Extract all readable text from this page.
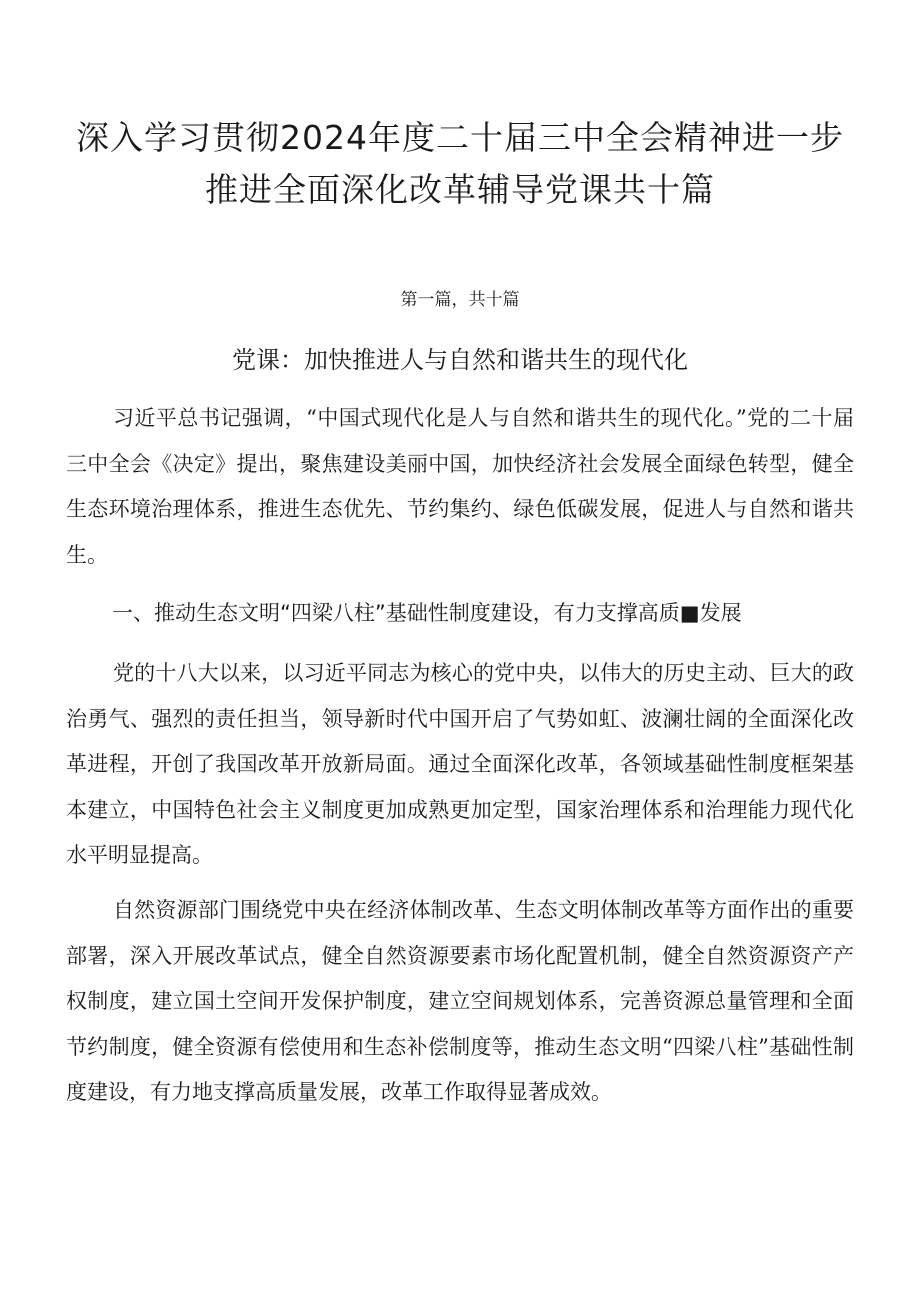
深入学习贯彻2024年度二十届三中全会精神进一步
推进全面深化改革辅导党课共十篇

第一篇，共十篇

党课：加快推进人与自然和谐共生的现代化

习近平总书记强调，“中国式现代化是人与自然和谐共生的现代化。”党的二十届三中全会《决定》提出，聚焦建设美丽中国，加快经济社会发展全面绿色转型，健全生态环境治理体系，推进生态优先、节约集约、绿色低碳发展，促进人与自然和谐共生。

一、推动生态文明“四梁八柱”基础性制度建设，有力支撑高质■发展

党的十八大以来，以习近平同志为核心的党中央，以伟大的历史主动、巨大的政治勇气、强烈的责任担当，领导新时代中国开启了气势如虹、波澜壮阔的全面深化改革进程，开创了我国改革开放新局面。通过全面深化改革，各领域基础性制度框架基本建立，中国特色社会主义制度更加成熟更加定型，国家治理体系和治理能力现代化水平明显提高。

自然资源部门围绕党中央在经济体制改革、生态文明体制改革等方面作出的重要部署，深入开展改革试点，健全自然资源要素市场化配置机制，健全自然资源资产产权制度，建立国土空间开发保护制度，建立空间规划体系，完善资源总量管理和全面节约制度，健全资源有偿使用和生态补偿制度等，推动生态文明“四梁八柱”基础性制度建设，有力地支撑高质量发展，改革工作取得显著成效。
